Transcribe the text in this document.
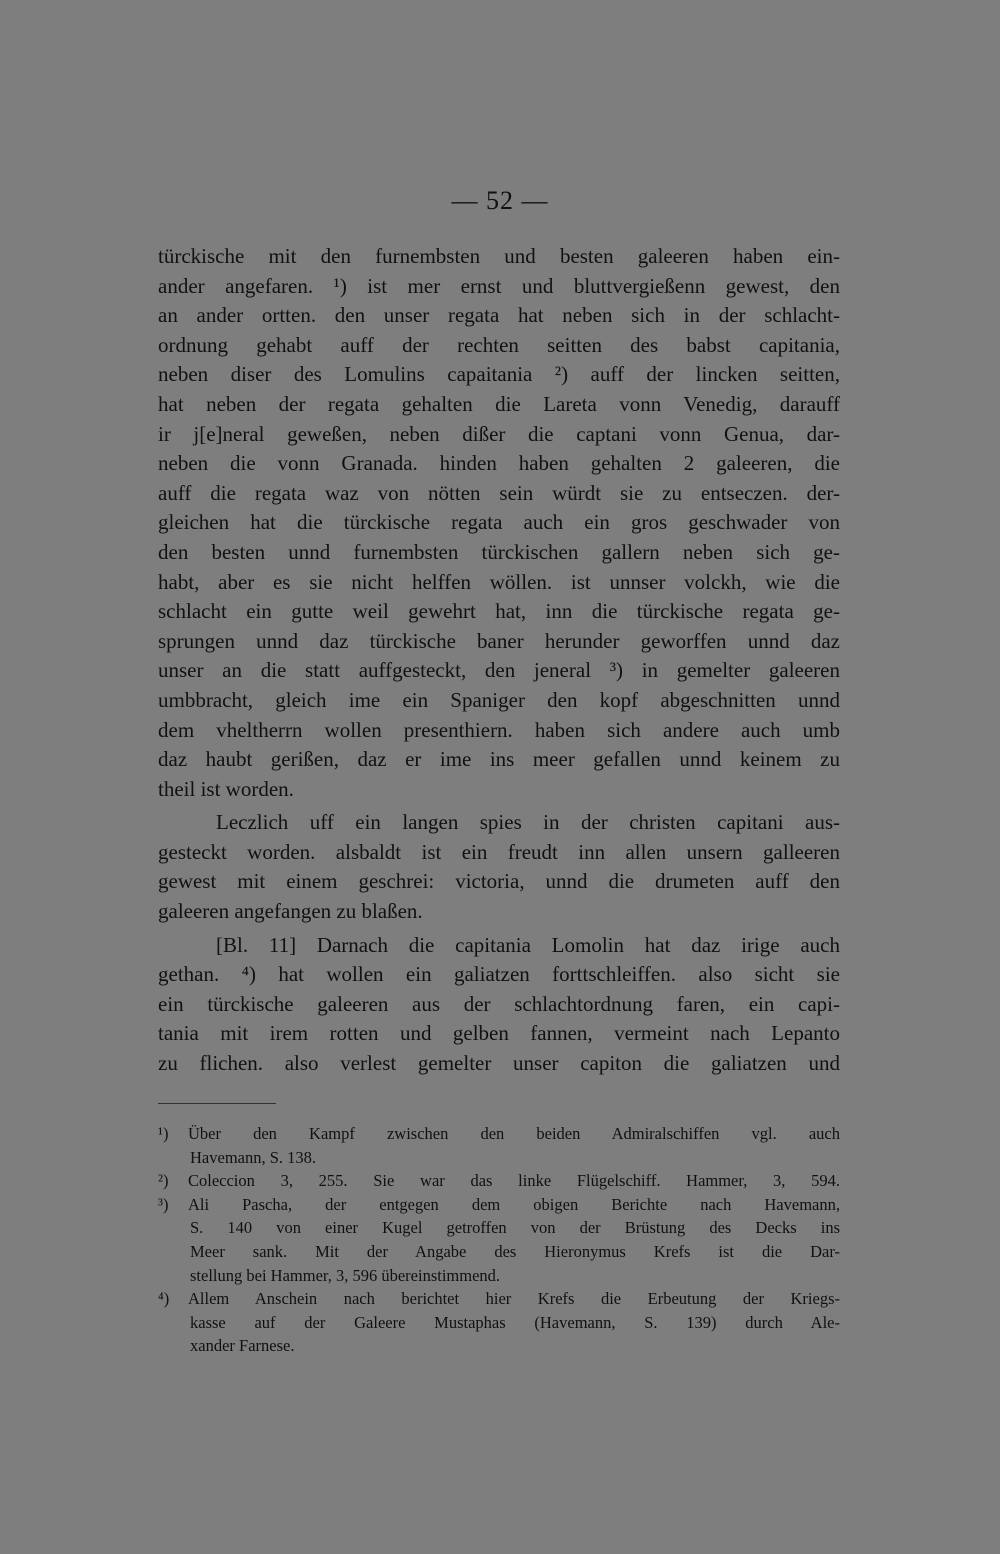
— 52 —
türckische mit den furnembsten und besten galeeren haben ein-
ander angefaren. ¹) ist mer ernst und bluttvergießenn gewest, den
an ander ortten. den unser regata hat neben sich in der schlacht-
ordnung gehabt auff der rechten seitten des babst capitania,
neben diser des Lomulins capaitania ²) auff der lincken seitten,
hat neben der regata gehalten die Lareta vonn Venedig, darauff
ir j[e]neral geweßen, neben dißer die captani vonn Genua, dar-
neben die vonn Granada. hinden haben gehalten 2 galeeren, die
auff die regata waz von nötten sein würdt sie zu entseczen. der-
gleichen hat die türckische regata auch ein gros geschwader von
den besten unnd furnembsten türckischen gallern neben sich ge-
habt, aber es sie nicht helffen wöllen. ist unnser volckh, wie die
schlacht ein gutte weil gewehrt hat, inn die türckische regata ge-
sprungen unnd daz türckische baner herunder geworffen unnd daz
unser an die statt auffgesteckt, den jeneral ³) in gemelter galeeren
umbbracht, gleich ime ein Spaniger den kopf abgeschnitten unnd
dem vheltherrn wollen presenthiern. haben sich andere auch umb
daz haubt gerißen, daz er ime ins meer gefallen unnd keinem zu
theil ist worden.
Leczlich uff ein langen spies in der christen capitani aus-
gesteckt worden. alsbaldt ist ein freudt inn allen unsern galleeren
gewest mit einem geschrei: victoria, unnd die drumeten auff den
galeeren angefangen zu blaßen.
[Bl. 11] Darnach die capitania Lomolin hat daz irige auch
gethan. ⁴) hat wollen ein galiatzen forttschleiffen. also sicht sie
ein türckische galeeren aus der schlachtordnung faren, ein capi-
tania mit irem rotten und gelben fannen, vermeint nach Lepanto
zu flichen. also verlest gemelter unser capiton die galiatzen und
¹) Über den Kampf zwischen den beiden Admiralschiffen vgl. auch
Havemann, S. 138.
²) Coleccion 3, 255. Sie war das linke Flügelschiff. Hammer, 3, 594.
³) Ali Pascha, der entgegen dem obigen Berichte nach Havemann,
S. 140 von einer Kugel getroffen von der Brüstung des Decks ins
Meer sank. Mit der Angabe des Hieronymus Krefs ist die Dar-
stellung bei Hammer, 3, 596 übereinstimmend.
⁴) Allem Anschein nach berichtet hier Krefs die Erbeutung der Kriegs-
kasse auf der Galeere Mustaphas (Havemann, S. 139) durch Ale-
xander Farnese.
